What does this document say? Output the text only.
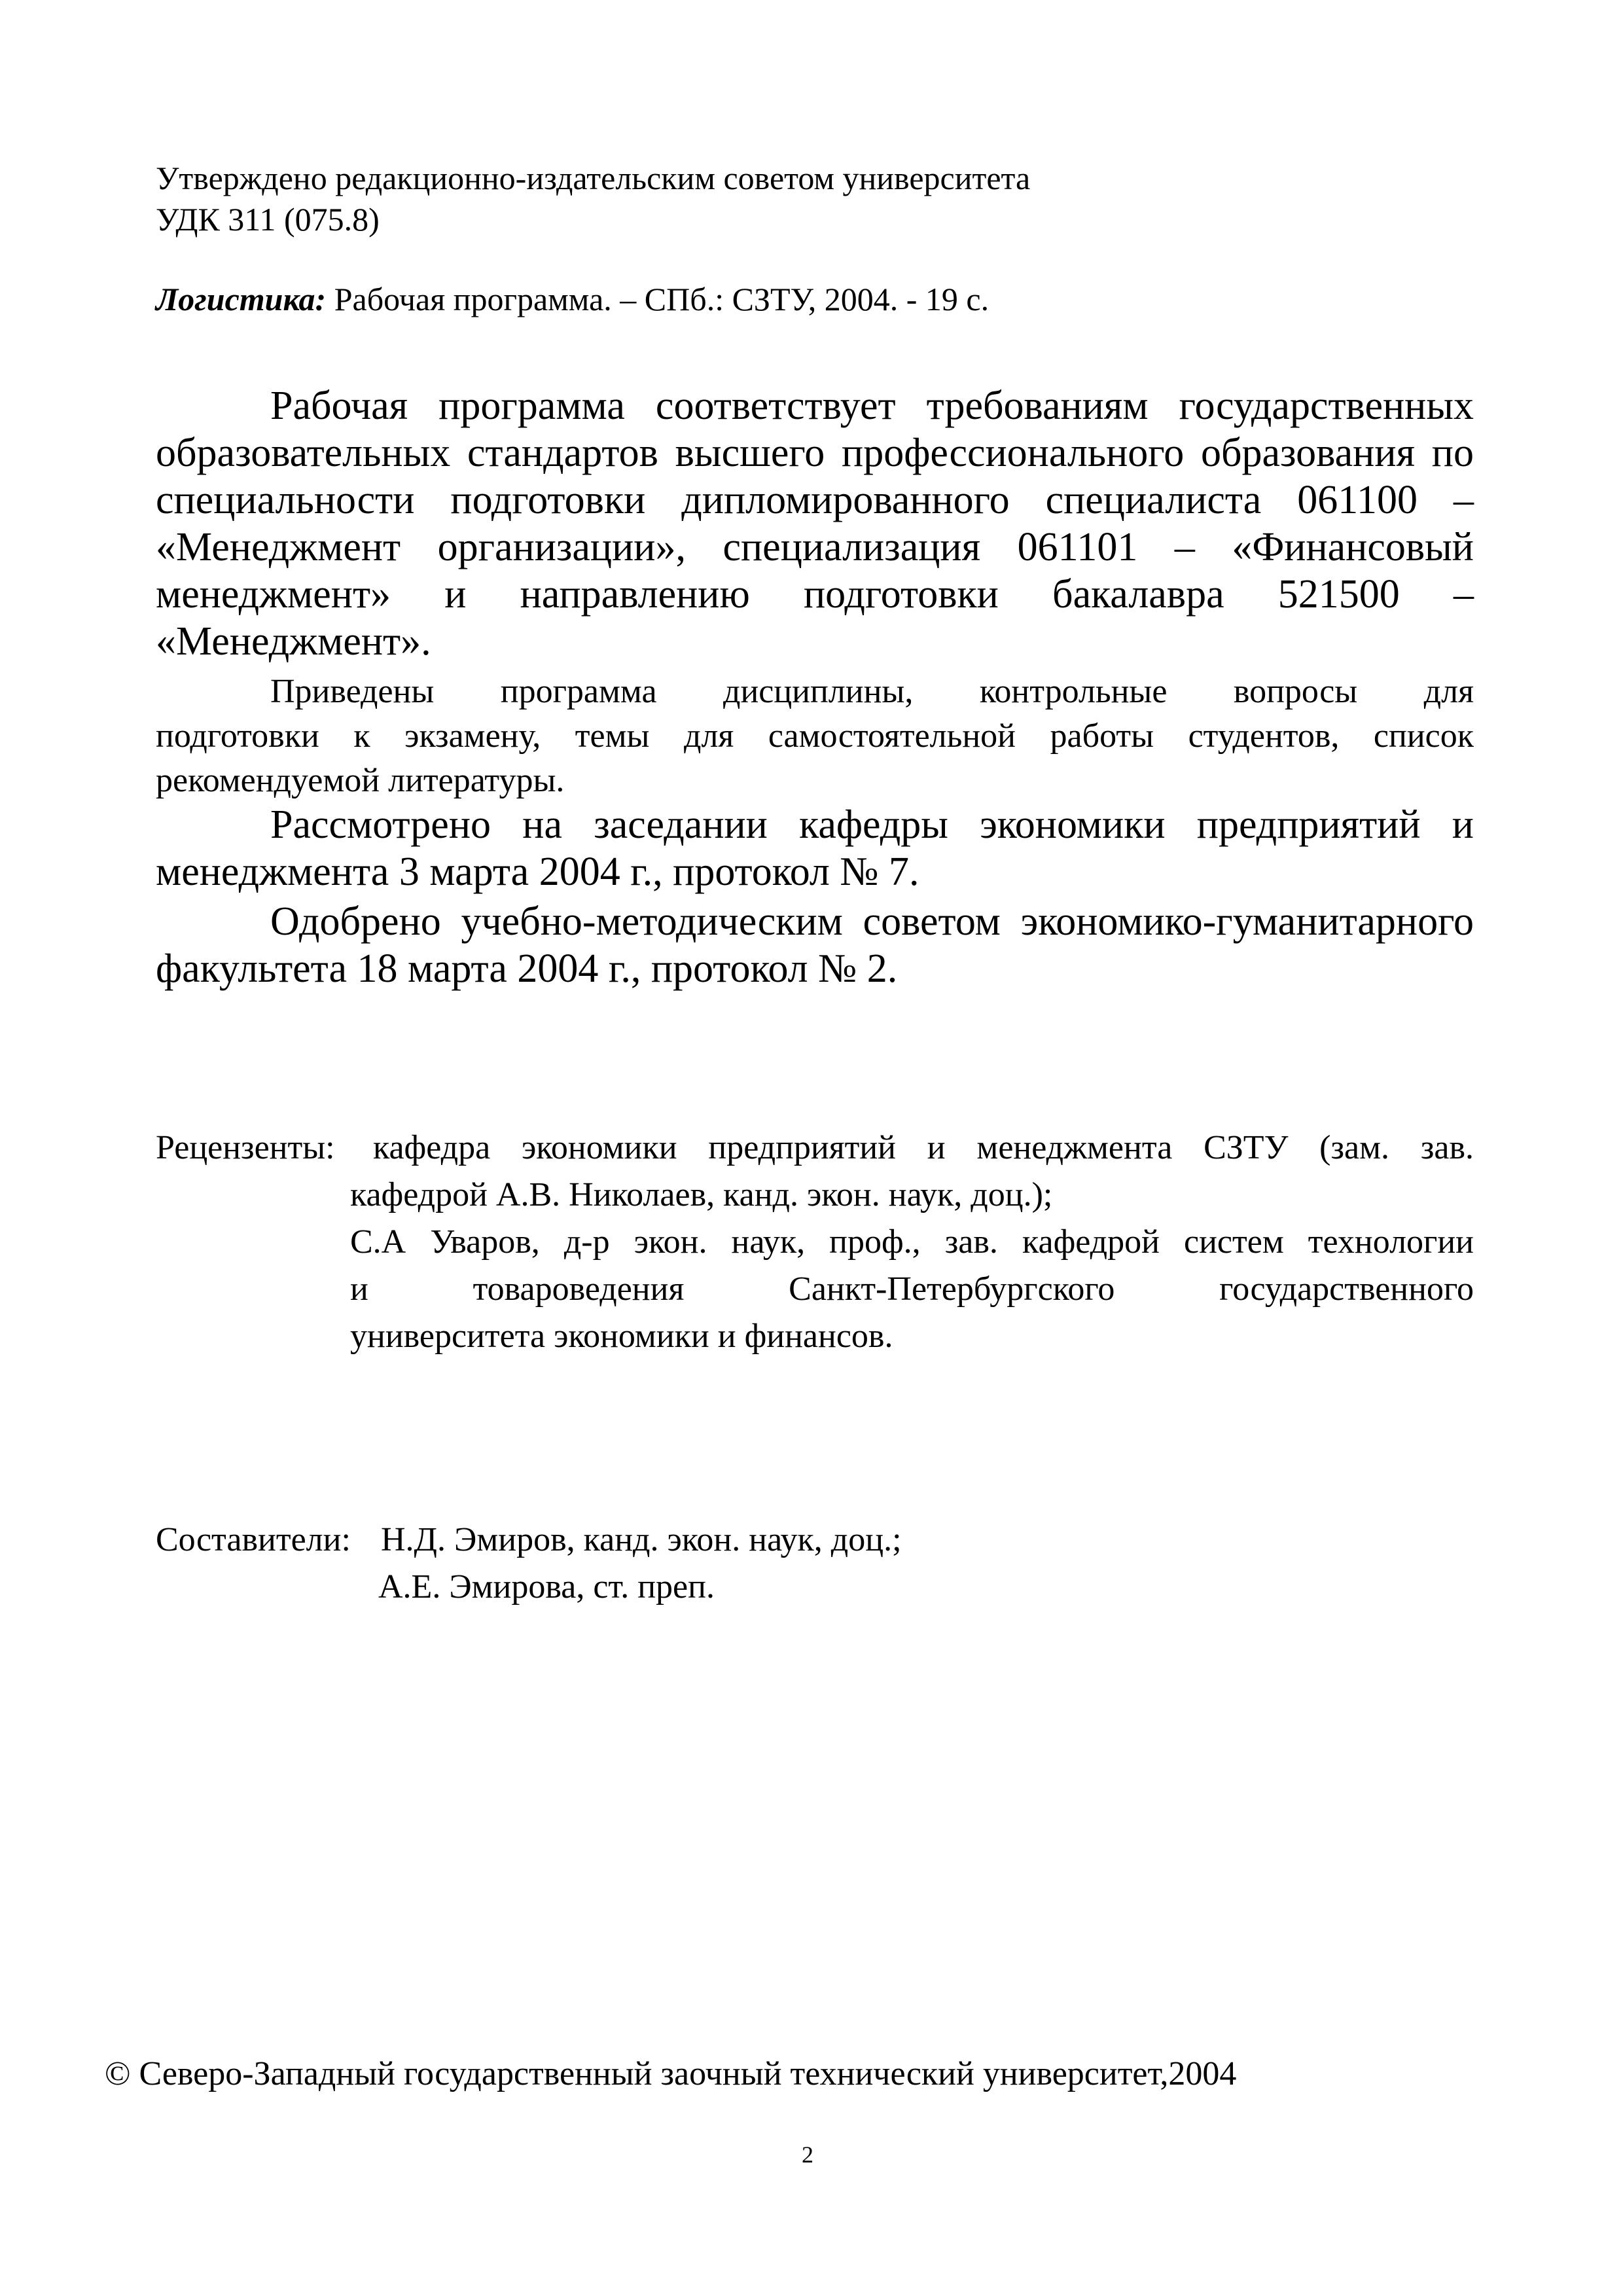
Утверждено редакционно-издательским советом университета
УДК 311 (075.8)
Логистика: Рабочая программа. – СПб.: СЗТУ, 2004. - 19 с.
Рабочая программа соответствует требованиям государственных
образовательных стандартов высшего профессионального образования по
специальности подготовки дипломированного специалиста 061100 –
«Менеджмент организации», специализация 061101 – «Финансовый
менеджмент» и направлению подготовки бакалавра 521500 –
«Менеджмент».
Приведены программа дисциплины, контрольные вопросы для
подготовки к экзамену, темы для самостоятельной работы студентов, список
рекомендуемой литературы.
Рассмотрено на заседании кафедры экономики предприятий и
менеджмента 3 марта 2004 г., протокол № 7.
Одобрено учебно-методическим советом экономико-гуманитарного
факультета 18 марта 2004 г., протокол № 2.
Рецензенты: кафедра экономики предприятий и менеджмента СЗТУ (зам. зав.
кафедрой А.В. Николаев, канд. экон. наук, доц.);
С.А Уваров, д-р экон. наук, проф., зав. кафедрой систем технологии
и товароведения Санкт-Петербургского государственного
университета экономики и финансов.
Составители: Н.Д. Эмиров, канд. экон. наук, доц.;
А.Е. Эмирова, ст. преп.
© Северо-Западный государственный заочный технический университет,2004
2
